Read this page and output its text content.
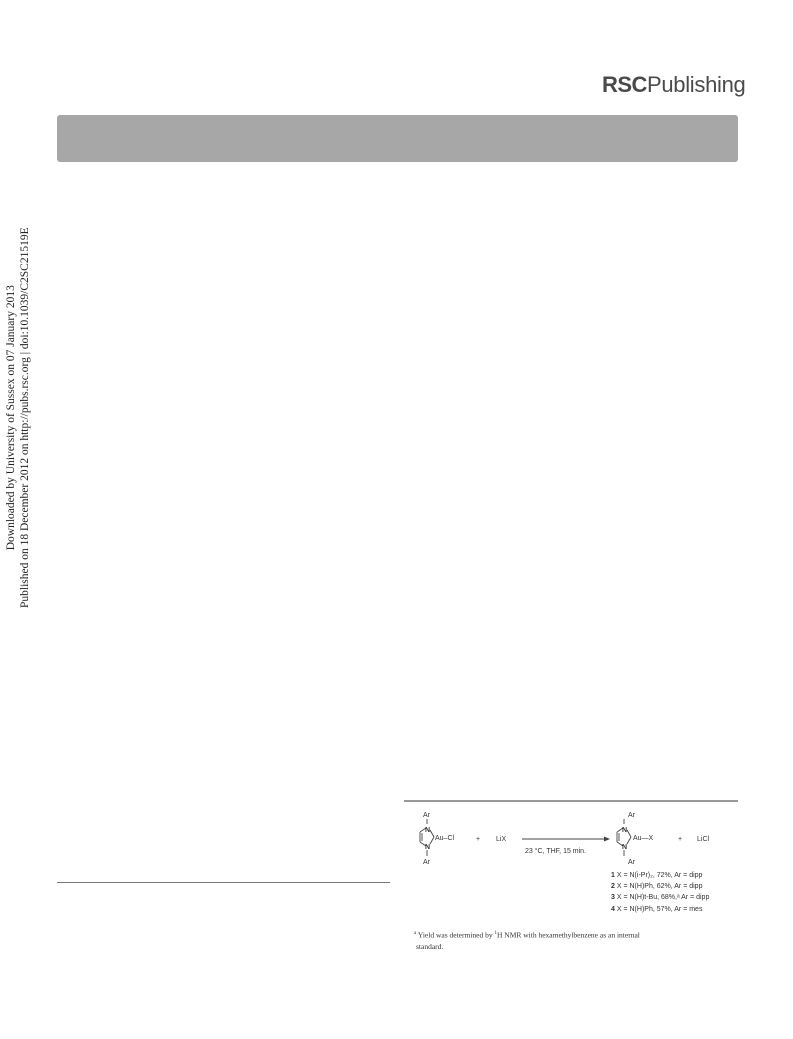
RSCPublishing
Downloaded by University of Sussex on 07 January 2013 Published on 18 December 2012 on http://pubs.rsc.org | doi:10.1039/C2SC21519E
Ar
N
N
Ar
Au–Cl	+ LiX
23 °C, THF, 15 min.
Ar
N
N
Ar
Au—X	+ LiCl
1 X = N(i-Pr)₂, 72%, Ar = dipp
2 X = N(H)Ph, 62%, Ar = dipp
3 X = N(H)t-Bu, 68%,ᵃ Ar = dipp
4 X = N(H)Ph, 57%, Ar = mes
$^a$ Yield was determined by $^1$H NMR with hexamethylbenzene as an internal
standard.
